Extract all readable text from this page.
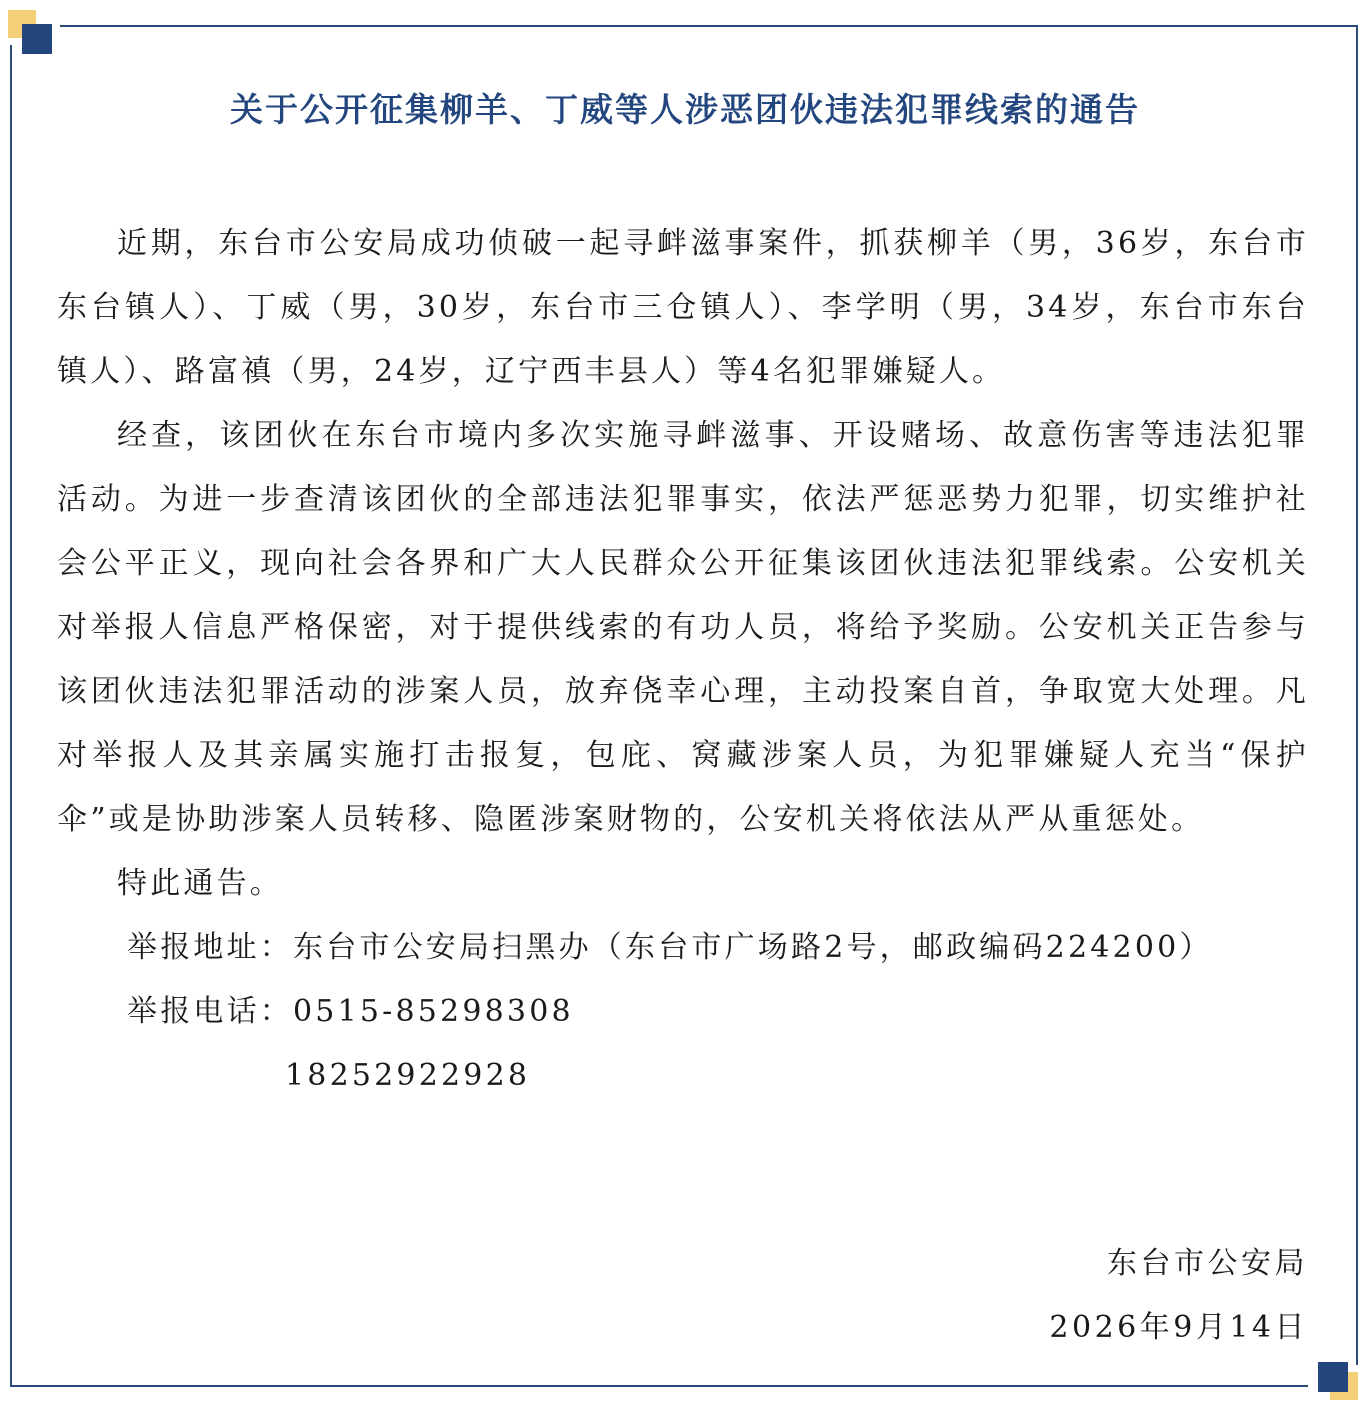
关于公开征集柳羊、丁威等人涉恶团伙违法犯罪线索的通告

近期，东台市公安局成功侦破一起寻衅滋事案件，抓获柳羊（男，36岁，东台市东台镇人）、丁威（男，30岁，东台市三仓镇人）、李学明（男，34岁，东台市东台镇人）、路富禛（男，24岁，辽宁西丰县人）等4名犯罪嫌疑人。

经查，该团伙在东台市境内多次实施寻衅滋事、开设赌场、故意伤害等违法犯罪活动。为进一步查清该团伙的全部违法犯罪事实，依法严惩恶势力犯罪，切实维护社会公平正义，现向社会各界和广大人民群众公开征集该团伙违法犯罪线索。公安机关对举报人信息严格保密，对于提供线索的有功人员，将给予奖励。公安机关正告参与该团伙违法犯罪活动的涉案人员，放弃侥幸心理，主动投案自首，争取宽大处理。凡对举报人及其亲属实施打击报复，包庇、窝藏涉案人员，为犯罪嫌疑人充当“保护伞”或是协助涉案人员转移、隐匿涉案财物的，公安机关将依法从严从重惩处。

特此通告。

举报地址：东台市公安局扫黑办（东台市广场路2号，邮政编码224200）
举报电话：0515-85298308
18252922928
东台市公安局
2026年9月14日
